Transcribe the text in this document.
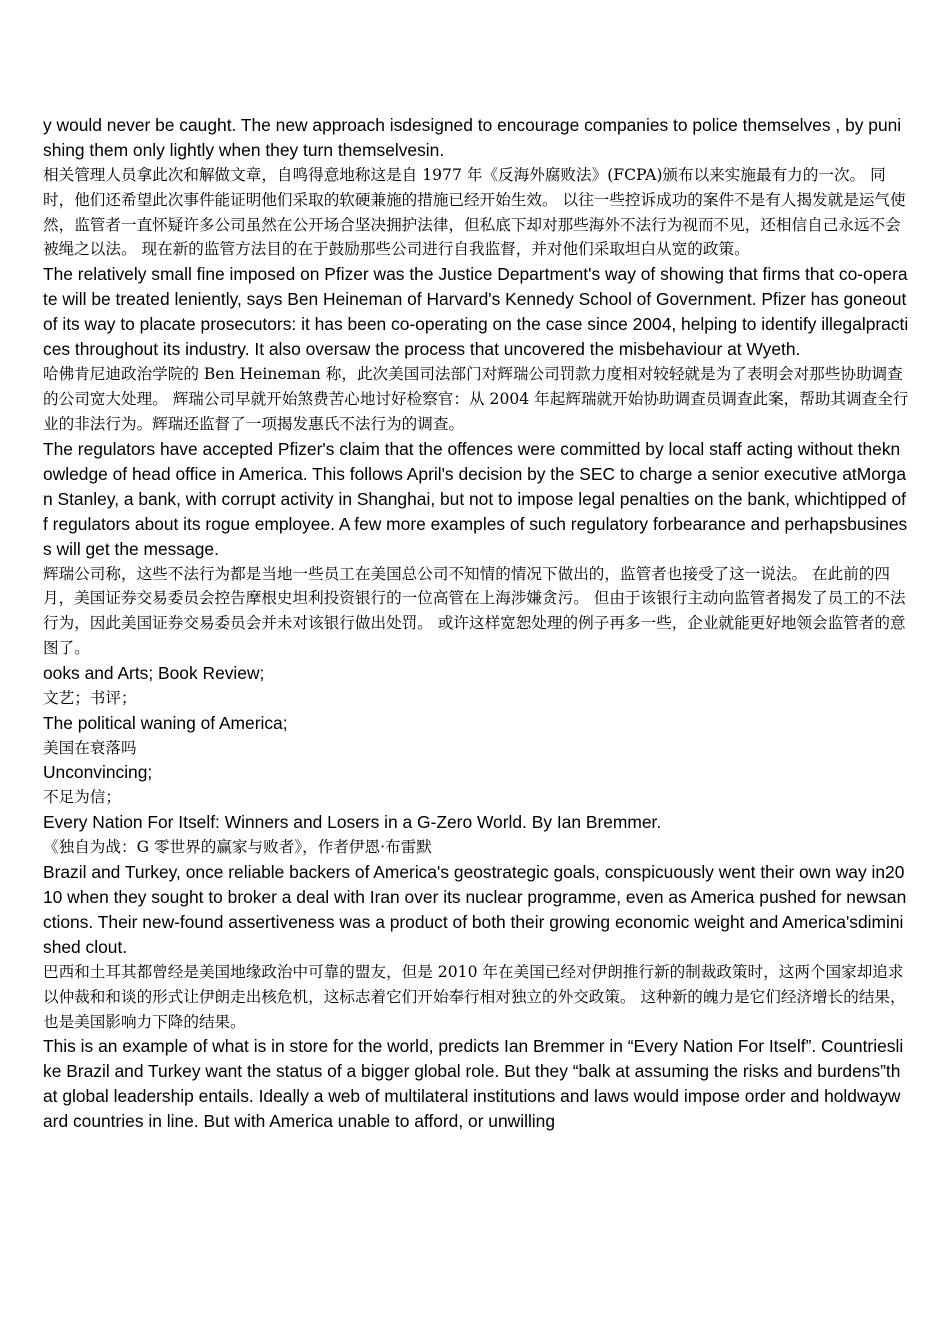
y would never be caught. The new approach isdesigned to encourage companies to police themselves , by punishing them only lightly when they turn themselvesin.

相关管理人员拿此次和解做文章，自鸣得意地称这是自 1977 年《反海外腐败法》(FCPA)颁布以来实施最有力的一次。 同时，他们还希望此次事件能证明他们采取的软硬兼施的措施已经开始生效。 以往一些控诉成功的案件不是有人揭发就是运气使然，监管者一直怀疑许多公司虽然在公开场合坚决拥护法律，但私底下却对那些海外不法行为视而不见，还相信自己永远不会被绳之以法。 现在新的监管方法目的在于鼓励那些公司进行自我监督，并对他们采取坦白从宽的政策。

The relatively small fine imposed on Pfizer was the Justice Department's way of showing that firms that co-operate will be treated leniently, says Ben Heineman of Harvard's Kennedy School of Government. Pfizer has goneout of its way to placate prosecutors: it has been co-operating on the case since 2004, helping to identify illegalpractices throughout its industry. It also oversaw the process that uncovered the misbehaviour at Wyeth.

哈佛肯尼迪政治学院的 Ben Heineman 称，此次美国司法部门对辉瑞公司罚款力度相对较轻就是为了表明会对那些协助调查的公司宽大处理。 辉瑞公司早就开始煞费苦心地讨好检察官：从 2004 年起辉瑞就开始协助调查员调查此案，帮助其调查全行业的非法行为。辉瑞还监督了一项揭发惠氏不法行为的调查。

The regulators have accepted Pfizer's claim that the offences were committed by local staff acting without theknowledge of head office in America. This follows April's decision by the SEC to charge a senior executive atMorgan Stanley, a bank, with corrupt activity in Shanghai, but not to impose legal penalties on the bank, whichtipped off regulators about its rogue employee. A few more examples of such regulatory forbearance and perhapsbusiness will get the message.

辉瑞公司称，这些不法行为都是当地一些员工在美国总公司不知情的情况下做出的，监管者也接受了这一说法。 在此前的四月，美国证券交易委员会控告摩根史坦利投资银行的一位高管在上海涉嫌贪污。 但由于该银行主动向监管者揭发了员工的不法行为，因此美国证券交易委员会并未对该银行做出处罚。 或许这样宽恕处理的例子再多一些，企业就能更好地领会监管者的意图了。

ooks and Arts; Book Review;

文艺；书评；

The political waning of America;

美国在衰落吗

Unconvincing;

不足为信；

Every Nation For Itself: Winners and Losers in a G-Zero World. By Ian Bremmer.

《独自为战：G 零世界的赢家与败者》，作者伊恩·布雷默

Brazil and Turkey, once reliable backers of America's geostrategic goals, conspicuously went their own way in2010 when they sought to broker a deal with Iran over its nuclear programme, even as America pushed for newsanctions. Their new-found assertiveness was a product of both their growing economic weight and America'sdiminished clout.

巴西和土耳其都曾经是美国地缘政治中可靠的盟友，但是 2010 年在美国已经对伊朗推行新的制裁政策时，这两个国家却追求以仲裁和和谈的形式让伊朗走出核危机，这标志着它们开始奉行相对独立的外交政策。 这种新的魄力是它们经济增长的结果，也是美国影响力下降的结果。

This is an example of what is in store for the world, predicts Ian Bremmer in “Every Nation For Itself”. Countrieslike Brazil and Turkey want the status of a bigger global role. But they “balk at assuming the risks and burdens”that global leadership entails. Ideally a web of multilateral institutions and laws would impose order and holdwayward countries in line. But with America unable to afford, or unwilling
